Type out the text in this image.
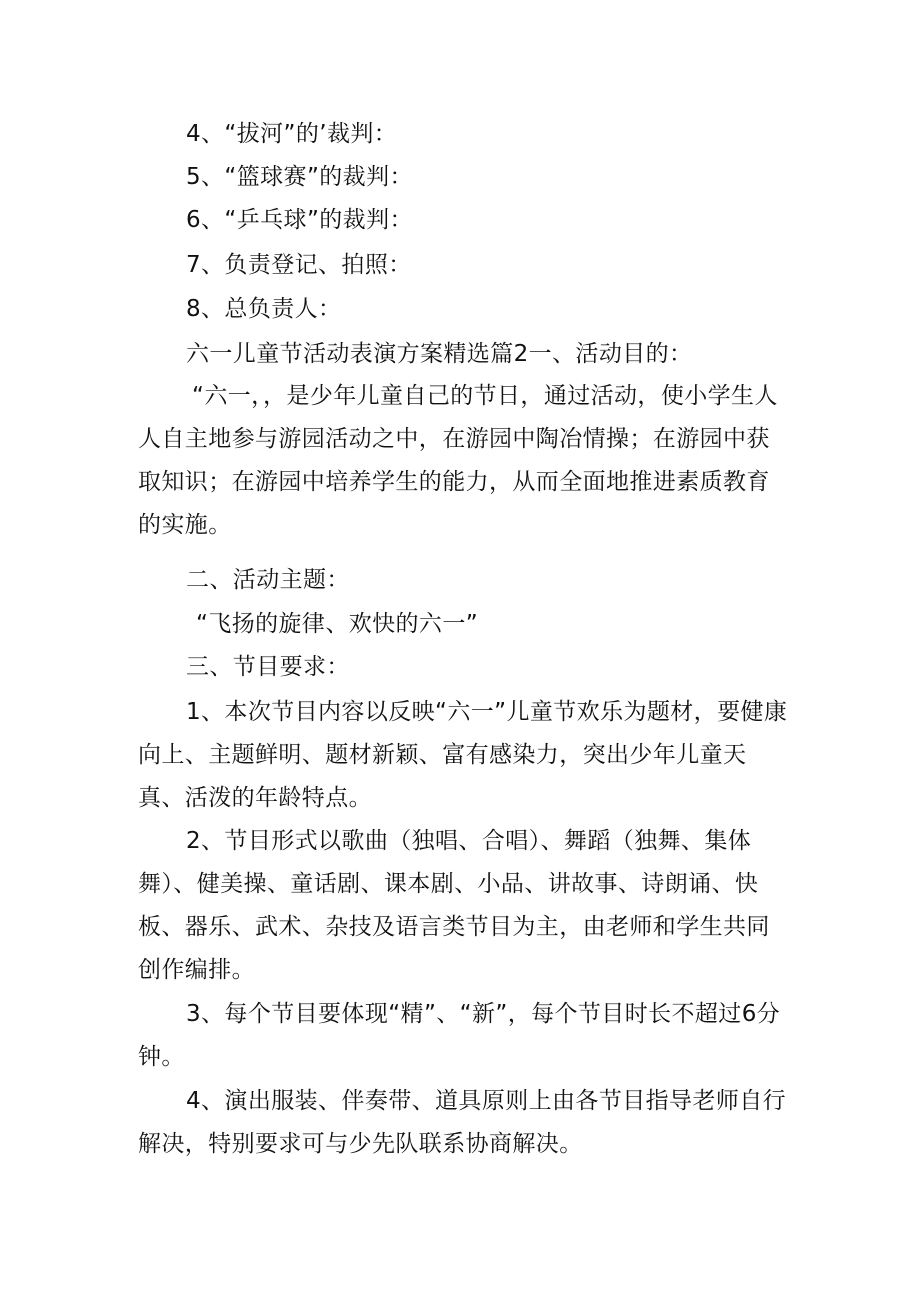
4、“拔河”的’裁判：
5、“篮球赛”的裁判：
6、“乒乓球”的裁判：
7、负责登记、拍照：
8、总负责人：
六一儿童节活动表演方案精选篇2一、活动目的：
“六一，，是少年儿童自己的节日，通过活动，使小学生人人自主地参与游园活动之中，在游园中陶冶情操；在游园中获取知识；在游园中培养学生的能力，从而全面地推进素质教育的实施。
二、活动主题：
“飞扬的旋律、欢快的六一”
三、节目要求：
1、本次节目内容以反映“六一”儿童节欢乐为题材，要健康向上、主题鲜明、题材新颖、富有感染力，突出少年儿童天真、活泼的年龄特点。
2、节目形式以歌曲（独唱、合唱）、舞蹈（独舞、集体舞）、健美操、童话剧、课本剧、小品、讲故事、诗朗诵、快板、器乐、武术、杂技及语言类节目为主，由老师和学生共同创作编排。
3、每个节目要体现“精”、“新”，每个节目时长不超过6分钟。
4、演出服装、伴奏带、道具原则上由各节目指导老师自行解决，特别要求可与少先队联系协商解决。
